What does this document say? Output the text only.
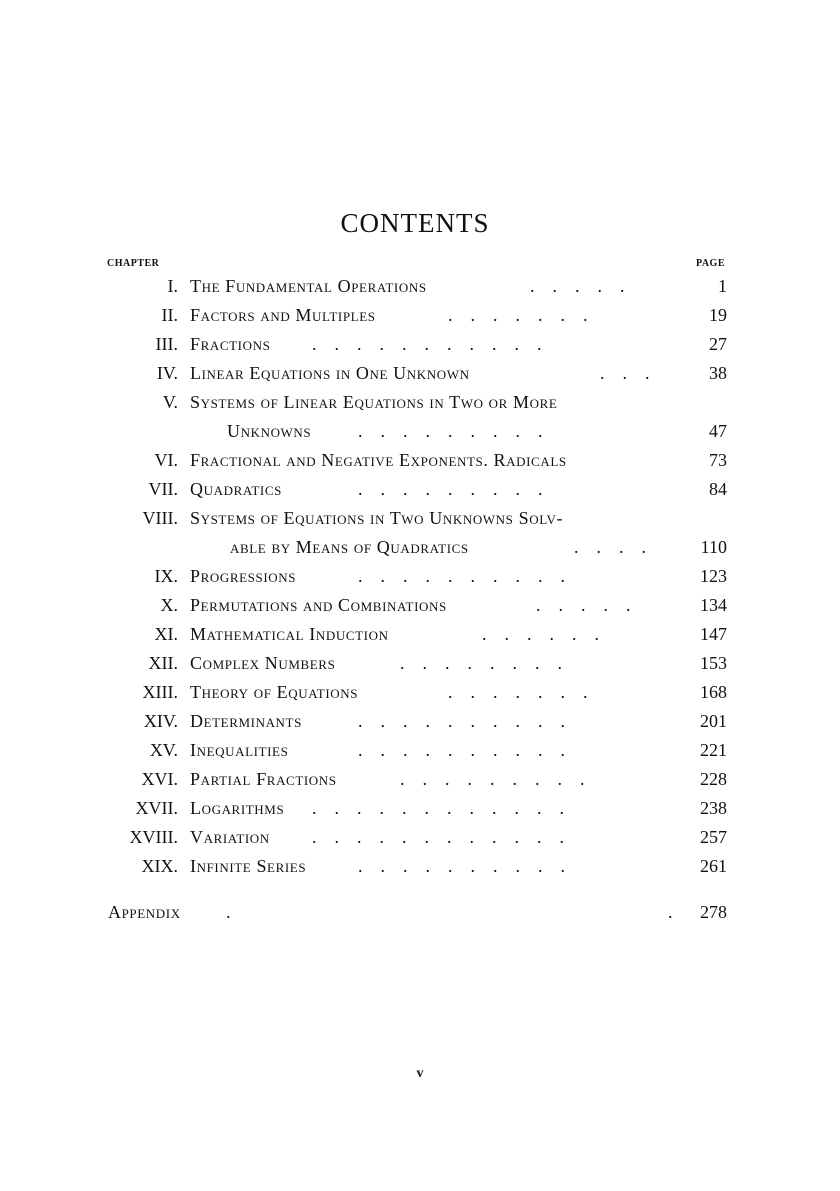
CONTENTS
CHAPTER	PAGE
I. The Fundamental Operations	.....	1
II. Factors and Multiples	.......	19
III. Fractions ...........	27
IV. Linear Equations in One Unknown	...	38
V. Systems of Linear Equations in Two or More
Unknowns	.........	47
VI. Fractional and Negative Exponents. Radicals	73
VII. Quadratics	.........	84
VIII. Systems of Equations in Two Unknowns Solv-
able by Means of Quadratics	....	110
IX. Progressions	..........	123
X. Permutations and Combinations	.....	134
XI. Mathematical Induction	......	147
XII. Complex Numbers	........	153
XIII. Theory of Equations	.......	168
XIV. Determinants	..........	201
XV. Inequalities	..........	221
XVI. Partial Fractions	.........	228
XVII. Logarithms ............	238
XVIII. Variation ............	257
XIX. Infinite Series	..........	261
Appendix	.	. 278
v
